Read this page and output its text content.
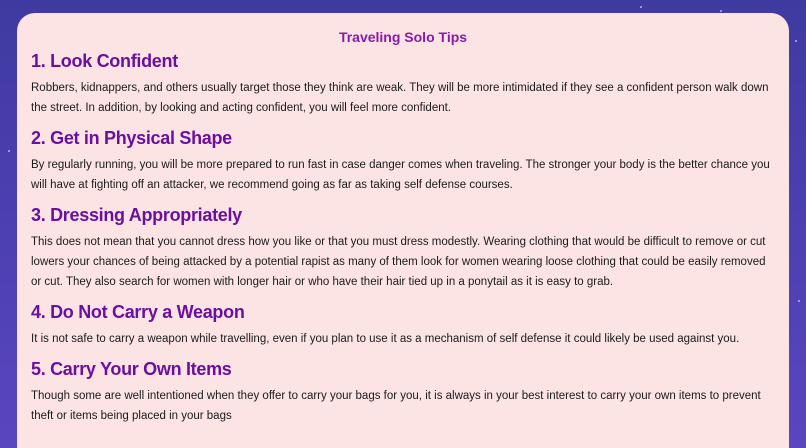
Traveling Solo Tips
1. Look Confident

Robbers, kidnappers, and others usually target those they think are weak. They will be more intimidated if they see a confident person walk down the street. In addition, by looking and acting confident, you will feel more confident.

2. Get in Physical Shape

By regularly running, you will be more prepared to run fast in case danger comes when traveling. The stronger your body is the better chance you will have at fighting off an attacker, we recommend going as far as taking self defense courses.

3. Dressing Appropriately

This does not mean that you cannot dress how you like or that you must dress modestly. Wearing clothing that would be difficult to remove or cut lowers your chances of being attacked by a potential rapist as many of them look for women wearing loose clothing that could be easily removed or cut. They also search for women with longer hair or who have their hair tied up in a ponytail as it is easy to grab.

4. Do Not Carry a Weapon

It is not safe to carry a weapon while travelling, even if you plan to use it as a mechanism of self defense it could likely be used against you.

5. Carry Your Own Items

Though some are well intentioned when they offer to carry your bags for you, it is always in your best interest to carry your own items to prevent theft or items being placed in your bags
